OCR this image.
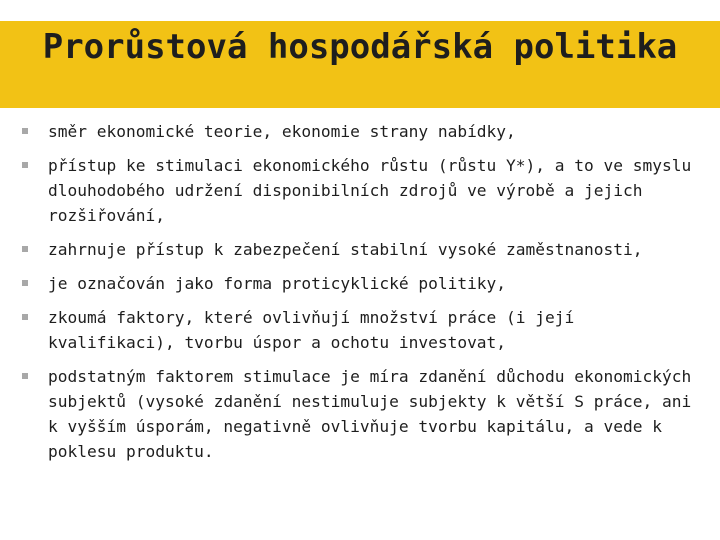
Prorůstová hospodářská politika
směr ekonomické teorie, ekonomie strany nabídky,
přístup ke stimulaci ekonomického růstu (růstu Y*), a to ve smyslu dlouhodobého udržení disponibilních zdrojů ve výrobě a jejich rozšiřování,
zahrnuje přístup k zabezpečení stabilní vysoké zaměstnanosti,
je označován jako forma proticyklické politiky,
zkoumá faktory, které ovlivňují množství práce (i její kvalifikaci), tvorbu úspor a ochotu investovat,
podstatným faktorem stimulace je míra zdanění důchodu ekonomických subjektů (vysoké zdanění nestimuluje subjekty k větší S práce, ani k vyšším úsporám, negativně ovlivňuje tvorbu kapitálu, a vede k poklesu produktu.
